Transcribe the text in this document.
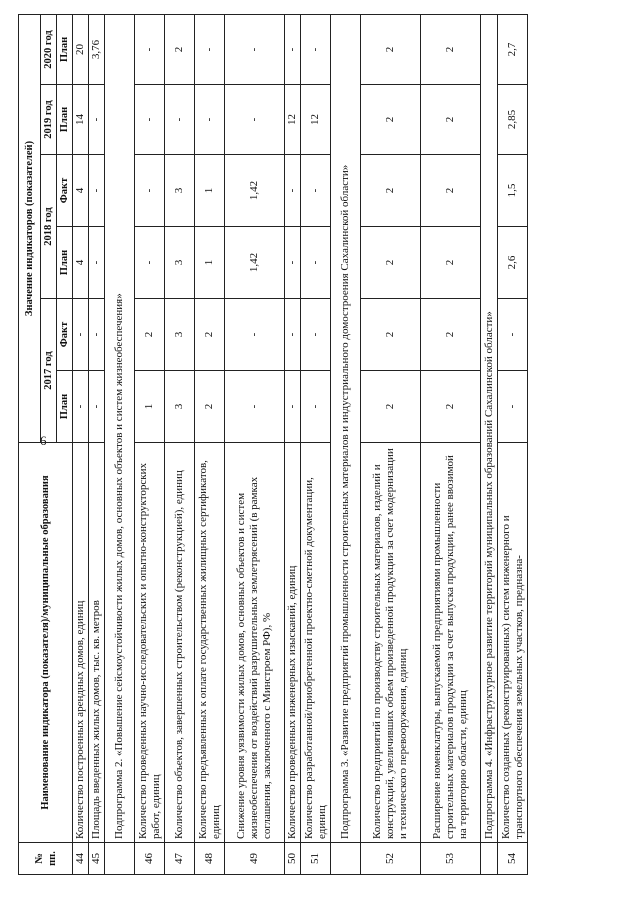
6
№ пп.	Наименование индикатора (показателя)/муниципальные образования	Значение индикаторов (показателей)					
		2017 год		2018 год		2019 год	2020 год
		План	Факт	План	Факт	План	План
44	Количество построенных арендных домов, единиц	-	-	4	4	14	20
45	Площадь введенных жилых домов, тыс. кв. метров	-	-	-	-	-	3,76
	Подпрограмма 2. «Повышение сейсмоустойчивости жилых домов, основных объектов и систем жизнеобеспечения»						
46	Количество проведенных научно-исследовательских и опытно-конструкторских работ, единиц	1	2	-	-	-	-
47	Количество объектов, завершенных строительством (реконструкцией), единиц	3	3	3	3	-	2
48	Количество предъявленных к оплате государственных жилищных сертификатов, единиц	2	2	1	1	-	-
49	Снижение уровня уязвимости жилых домов, основных объектов и систем жизнеобеспечения от воздействий разрушительных землетрясений (в рамках соглашения, заключенного с Минстроем РФ), %	-	-	1,42	1,42	-	-
50	Количество проведенных инженерных изысканий, единиц	-	-	-	-	12	-
51	Количество разработанной/приобретенной проектно-сметной документации, единиц	-	-	-	-	12	-
	Подпрограмма 3. «Развитие предприятий промышленности строительных материалов и индустриального домостроения Сахалинской области»						
52	Количество предприятий по производству строительных материалов, изделий и конструкций, увеличивших объем произведенной продукции за счет модернизации и технического перевооружения, единиц	2	2	2	2	2	2
53	Расширение номенклатуры, выпускаемой предприятиями промышленности строительных материалов продукции за счет выпуска продукции, ранее ввозимой на территорию области, единиц	2	2	2	2	2	2
	Подпрограмма 4. «Инфраструктурное развитие территорий муниципальных образований Сахалинской области»						
54	Количество созданных (реконструированных) систем инженерного и транспортного обеспечения земельных участков, предназна-	-	-	2,6	1,5	2,85	2,7
